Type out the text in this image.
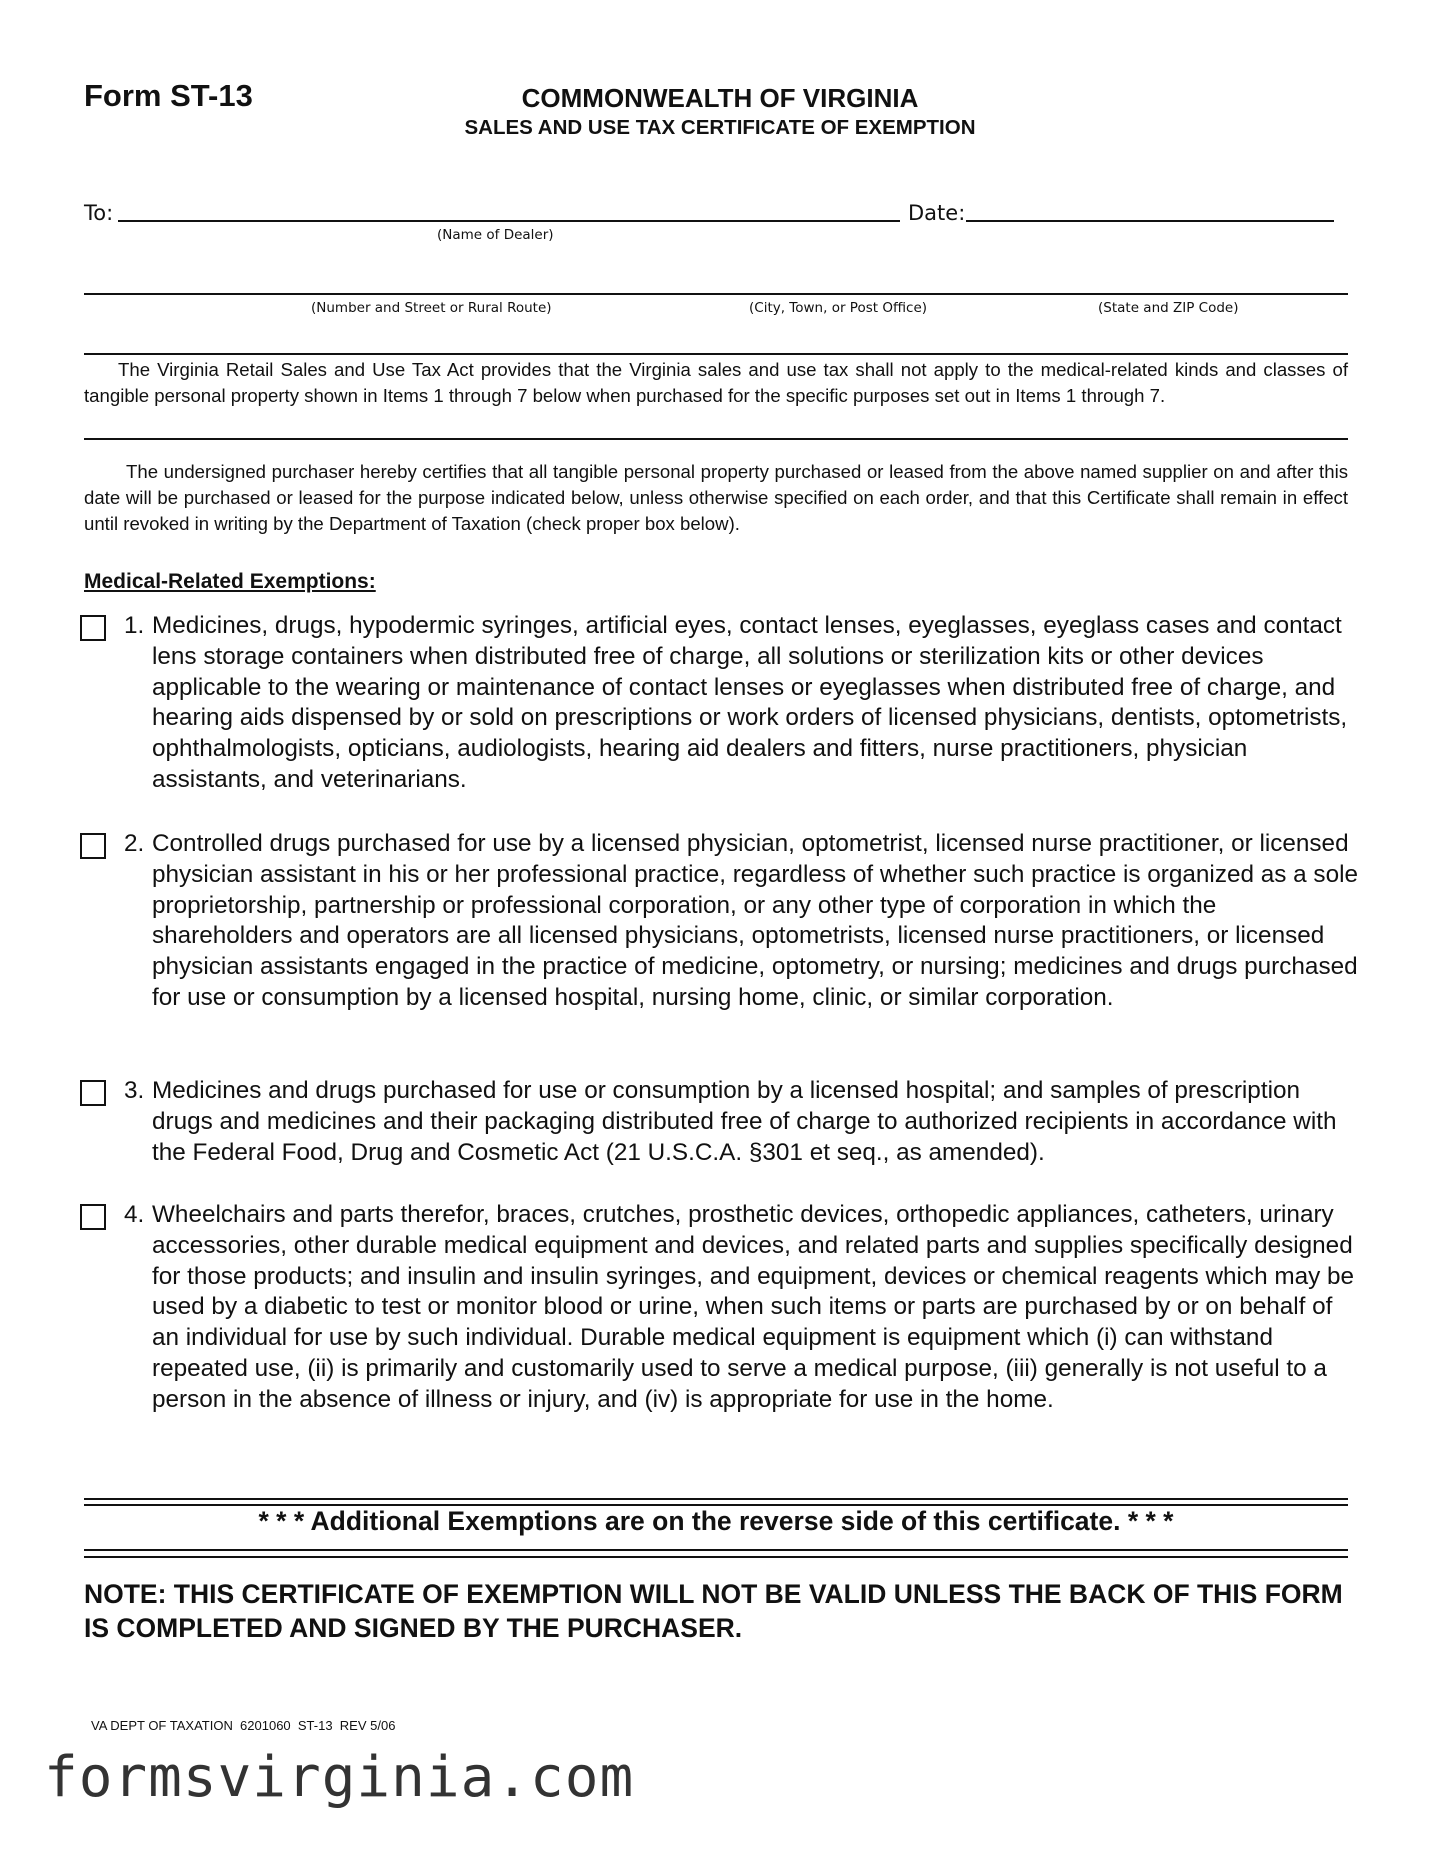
Form ST-13	COMMONWEALTH OF VIRGINIA
SALES AND USE TAX CERTIFICATE OF EXEMPTION
To:
(Name of Dealer)
Date:
(Number and Street or Rural Route)	(City, Town, or Post Office)	(State and ZIP Code)
The Virginia Retail Sales and Use Tax Act provides that the Virginia sales and use tax shall not apply to the medical-related kinds and classes of tangible personal property shown in Items 1 through 7 below when purchased for the specific purposes set out in Items 1 through 7.
The undersigned purchaser hereby certifies that all tangible personal property purchased or leased from the above named supplier on and after this date will be purchased or leased for the purpose indicated below, unless otherwise specified on each order, and that this Certificate shall remain in effect until revoked in writing by the Department of Taxation (check proper box below).
Medical-Related Exemptions:
1. Medicines, drugs, hypodermic syringes, artificial eyes, contact lenses, eyeglasses, eyeglass cases and contact lens storage containers when distributed free of charge, all solutions or sterilization kits or other devices applicable to the wearing or maintenance of contact lenses or eyeglasses when distributed free of charge, and hearing aids dispensed by or sold on prescriptions or work orders of licensed physicians, dentists, optometrists, ophthalmologists, opticians, audiologists, hearing aid dealers and fitters, nurse practitioners, physician assistants, and veterinarians.
2. Controlled drugs purchased for use by a licensed physician, optometrist, licensed nurse practitioner, or licensed physician assistant in his or her professional practice, regardless of whether such practice is organized as a sole proprietorship, partnership or professional corporation, or any other type of corporation in which the shareholders and operators are all licensed physicians, optometrists, licensed nurse practitioners, or licensed physician assistants engaged in the practice of medicine, optometry, or nursing; medicines and drugs purchased for use or consumption by a licensed hospital, nursing home, clinic, or similar corporation.
3. Medicines and drugs purchased for use or consumption by a licensed hospital; and samples of prescription drugs and medicines and their packaging distributed free of charge to authorized recipients in accordance with the Federal Food, Drug and Cosmetic Act (21 U.S.C.A. §301 et seq., as amended).
4. Wheelchairs and parts therefor, braces, crutches, prosthetic devices, orthopedic appliances, catheters, urinary accessories, other durable medical equipment and devices, and related parts and supplies specifically designed for those products; and insulin and insulin syringes, and equipment, devices or chemical reagents which may be used by a diabetic to test or monitor blood or urine, when such items or parts are purchased by or on behalf of an individual for use by such individual. Durable medical equipment is equipment which (i) can withstand repeated use, (ii) is primarily and customarily used to serve a medical purpose, (iii) generally is not useful to a person in the absence of illness or injury, and (iv) is appropriate for use in the home.
* * * Additional Exemptions are on the reverse side of this certificate. * * *
NOTE: THIS CERTIFICATE OF EXEMPTION WILL NOT BE VALID UNLESS THE BACK OF THIS FORM IS COMPLETED AND SIGNED BY THE PURCHASER.
VA DEPT OF TAXATION  6201060  ST-13  REV 5/06
formsvirginia.com
